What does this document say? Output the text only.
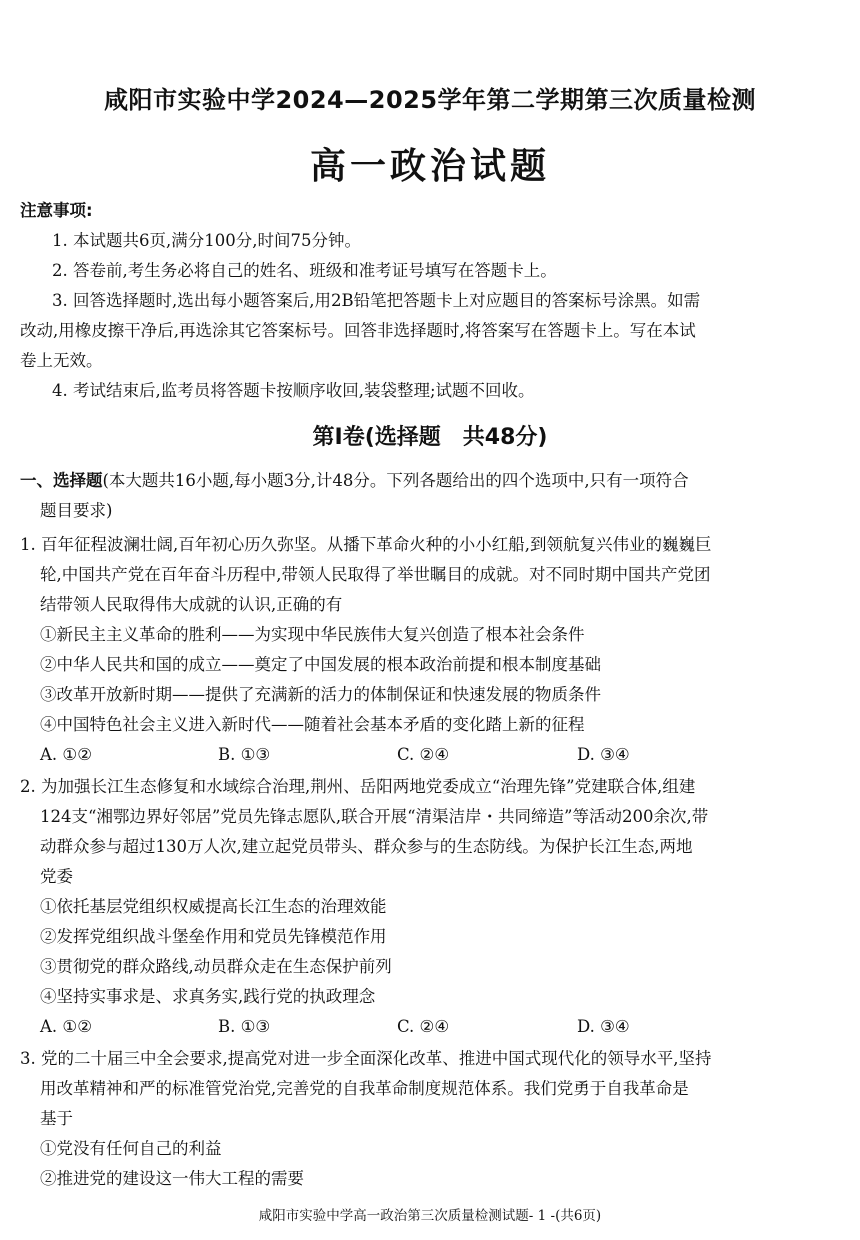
咸阳市实验中学2024—2025学年第二学期第三次质量检测
高一政治试题
注意事项:
1. 本试题共6页,满分100分,时间75分钟。
2. 答卷前,考生务必将自己的姓名、班级和准考证号填写在答题卡上。
3. 回答选择题时,选出每小题答案后,用2B铅笔把答题卡上对应题目的答案标号涂黑。如需
改动,用橡皮擦干净后,再选涂其它答案标号。回答非选择题时,将答案写在答题卡上。写在本试
卷上无效。
4. 考试结束后,监考员将答题卡按顺序收回,装袋整理;试题不回收。
第Ⅰ卷(选择题　共48分)
一、选择题(本大题共16小题,每小题3分,计48分。下列各题给出的四个选项中,只有一项符合
题目要求)
1. 百年征程波澜壮阔,百年初心历久弥坚。从播下革命火种的小小红船,到领航复兴伟业的巍巍巨
轮,中国共产党在百年奋斗历程中,带领人民取得了举世瞩目的成就。对不同时期中国共产党团
结带领人民取得伟大成就的认识,正确的有
①新民主主义革命的胜利——为实现中华民族伟大复兴创造了根本社会条件
②中华人民共和国的成立——奠定了中国发展的根本政治前提和根本制度基础
③改革开放新时期——提供了充满新的活力的体制保证和快速发展的物质条件
④中国特色社会主义进入新时代——随着社会基本矛盾的变化踏上新的征程
A. ①②	B. ①③	C. ②④	D. ③④
2. 为加强长江生态修复和水域综合治理,荆州、岳阳两地党委成立“治理先锋”党建联合体,组建
124支“湘鄂边界好邻居”党员先锋志愿队,联合开展“清渠洁岸・共同缔造”等活动200余次,带
动群众参与超过130万人次,建立起党员带头、群众参与的生态防线。为保护长江生态,两地
党委
①依托基层党组织权威提高长江生态的治理效能
②发挥党组织战斗堡垒作用和党员先锋模范作用
③贯彻党的群众路线,动员群众走在生态保护前列
④坚持实事求是、求真务实,践行党的执政理念
A. ①②	B. ①③	C. ②④	D. ③④
3. 党的二十届三中全会要求,提高党对进一步全面深化改革、推进中国式现代化的领导水平,坚持
用改革精神和严的标准管党治党,完善党的自我革命制度规范体系。我们党勇于自我革命是
基于
①党没有任何自己的利益
②推进党的建设这一伟大工程的需要
咸阳市实验中学高一政治第三次质量检测试题- 1 -(共6页)
